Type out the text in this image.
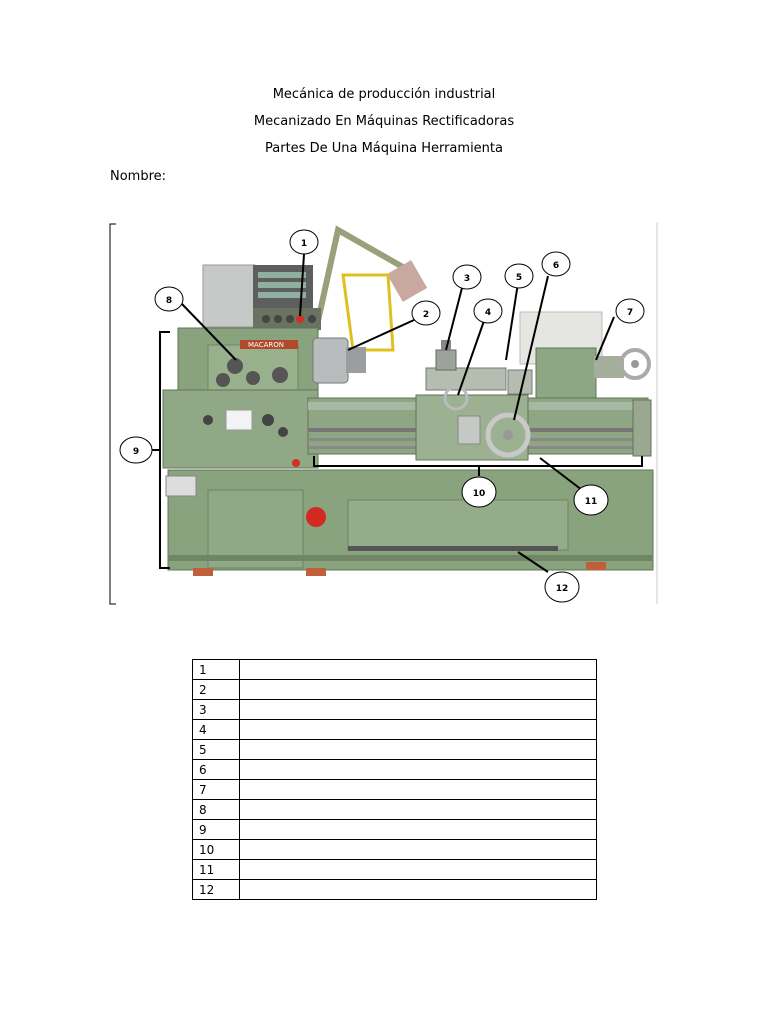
Mecánica de producción industrial
Mecanizado En Máquinas Rectificadoras
Partes De Una Máquina Herramienta
Nombre:
MACARON
1
2
3
4
5
6
7
8
9
10
11
12
1	
2	
3	
4	
5	
6	
7	
8	
9	
10	
11	
12	
